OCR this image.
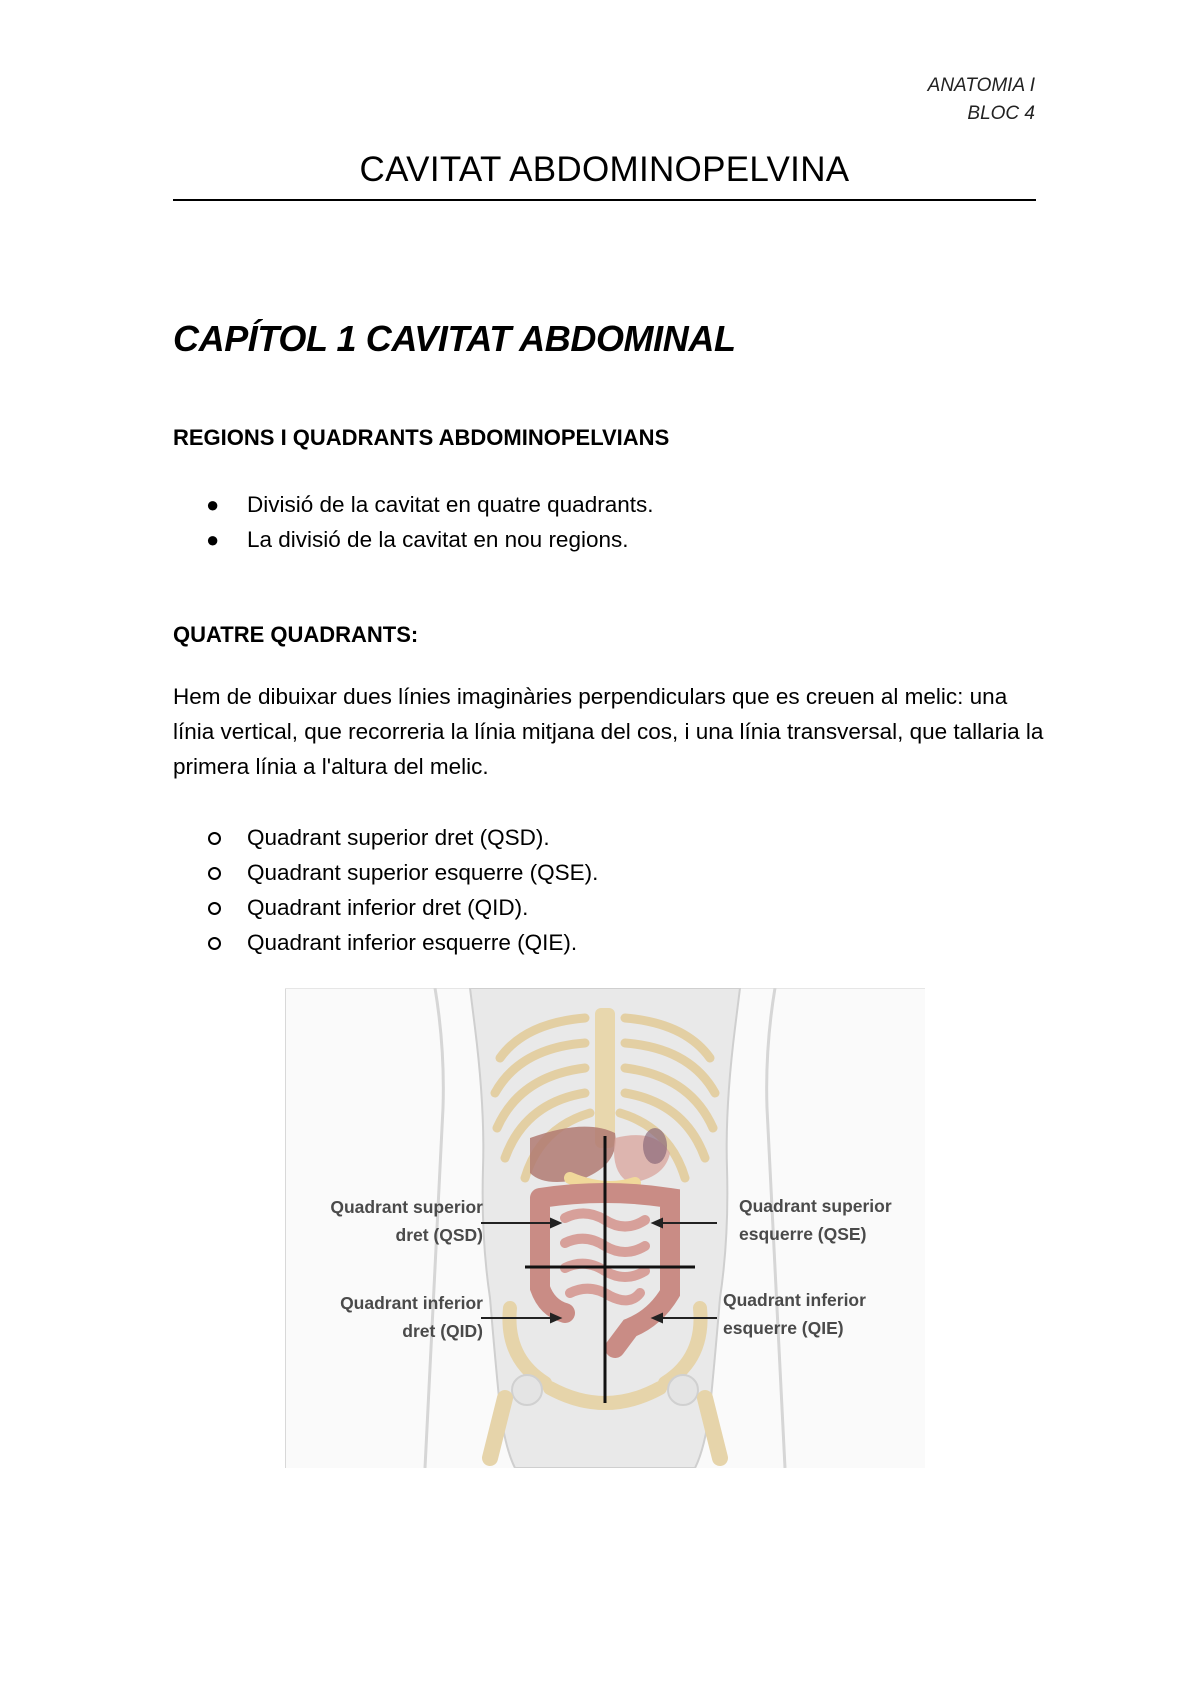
ANATOMIA I
BLOC 4
CAVITAT ABDOMINOPELVINA
CAPÍTOL 1 CAVITAT ABDOMINAL
REGIONS I QUADRANTS ABDOMINOPELVIANS
● Divisió de la cavitat en quatre quadrants.
● La divisió de la cavitat en nou regions.
QUATRE QUADRANTS:
Hem de dibuixar dues línies imaginàries perpendiculars que es creuen al melic: una línia vertical, que recorreria la línia mitjana del cos, i una línia transversal, que tallaria la primera línia a l'altura del melic.
Quadrant superior dret (QSD).
Quadrant superior esquerre (QSE).
Quadrant inferior dret (QID).
Quadrant inferior esquerre (QIE).
Quadrant superior
dret (QSD)
Quadrant inferior
dret (QID)
Quadrant superior
esquerre (QSE)
Quadrant inferior
esquerre (QIE)
